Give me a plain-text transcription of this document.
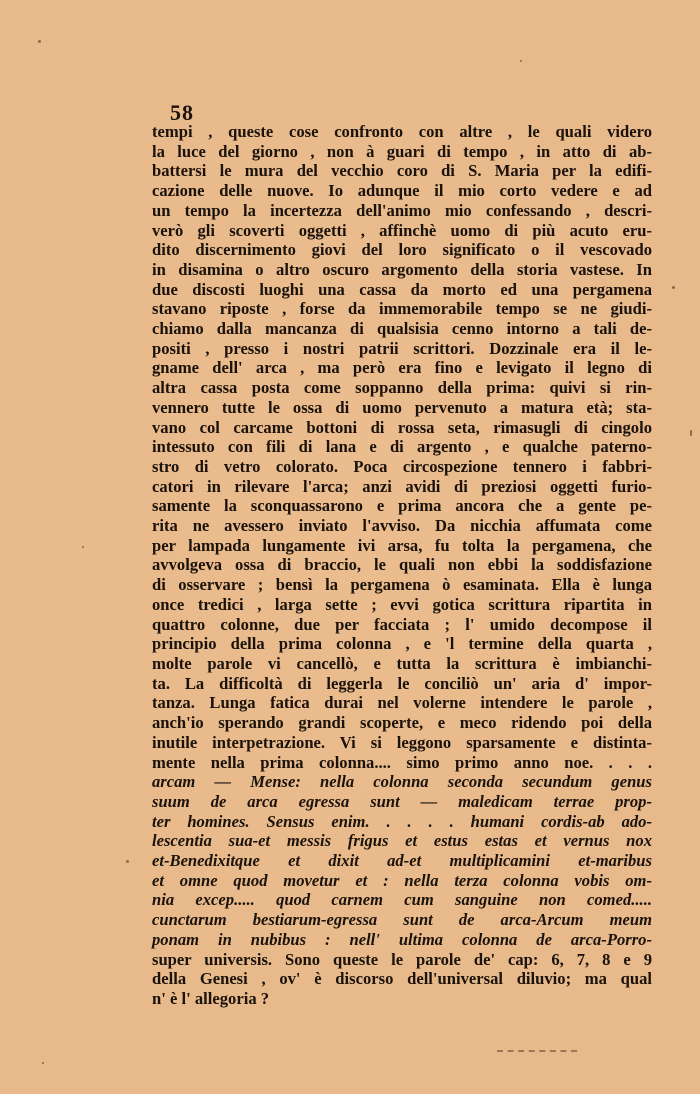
58
tempi , queste cose confronto con altre , le quali videro
la luce del giorno , non à guari di tempo , in atto di ab-
battersi le mura del vecchio coro di S. Maria per la edifi-
cazione delle nuove. Io adunque il mio corto vedere e ad
un tempo la incertezza dell'animo mio confessando , descri-
verò gli scoverti oggetti , affinchè uomo di più acuto eru-
dito discernimento giovi del loro significato o il vescovado
in disamina o altro oscuro argomento della storia vastese. In
due discosti luoghi una cassa da morto ed una pergamena
stavano riposte , forse da immemorabile tempo se ne giudi-
chiamo dalla mancanza di qualsisia cenno intorno a tali de-
positi , presso i nostri patrii scrittori. Dozzinale era il le-
gname dell' arca , ma però era fino e levigato il legno di
altra cassa posta come soppanno della prima: quivi si rin-
vennero tutte le ossa di uomo pervenuto a matura età; sta-
vano col carcame bottoni di rossa seta, rimasugli di cingolo
intessuto con fili di lana e di argento , e qualche paterno-
stro di vetro colorato. Poca circospezione tennero i fabbri-
catori in rilevare l'arca; anzi avidi di preziosi oggetti furio-
samente la sconquassarono e prima ancora che a gente pe-
rita ne avessero inviato l'avviso. Da nicchia affumata come
per lampada lungamente ivi arsa, fu tolta la pergamena, che
avvolgeva ossa di braccio, le quali non ebbi la soddisfazione
di osservare ; bensì la pergamena ò esaminata. Ella è lunga
once tredici , larga sette ; evvi gotica scrittura ripartita in
quattro colonne, due per facciata ; l' umido decompose il
principio della prima colonna , e 'l termine della quarta ,
molte parole vi cancellò, e tutta la scrittura è imbianchi-
ta. La difficoltà di leggerla le conciliò un' aria d' impor-
tanza. Lunga fatica durai nel volerne intendere le parole ,
anch'io sperando grandi scoperte, e meco ridendo poi della
inutile interpetrazione. Vi si leggono sparsamente e distinta-
mente nella prima colonna.... simo primo anno noe. . . .
arcam — Mense: nella colonna seconda secundum genus
suum de arca egressa sunt — maledicam terrae prop-
ter homines. Sensus enim. . . . . humani cordis-ab ado-
lescentia sua-et messis frigus et estus estas et vernus nox
et-Benedixitque et dixit ad-et multiplicamini et-maribus
et omne quod movetur et : nella terza colonna vobis om-
nia excep..... quod carnem cum sanguine non comed.....
cunctarum bestiarum-egressa sunt de arca-Arcum meum
ponam in nubibus : nell' ultima colonna de arca-Porro-
super universis. Sono queste le parole de' cap: 6, 7, 8 e 9
della Genesi , ov' è discorso dell'universal diluvio; ma qual
n' è l' allegoria ?
